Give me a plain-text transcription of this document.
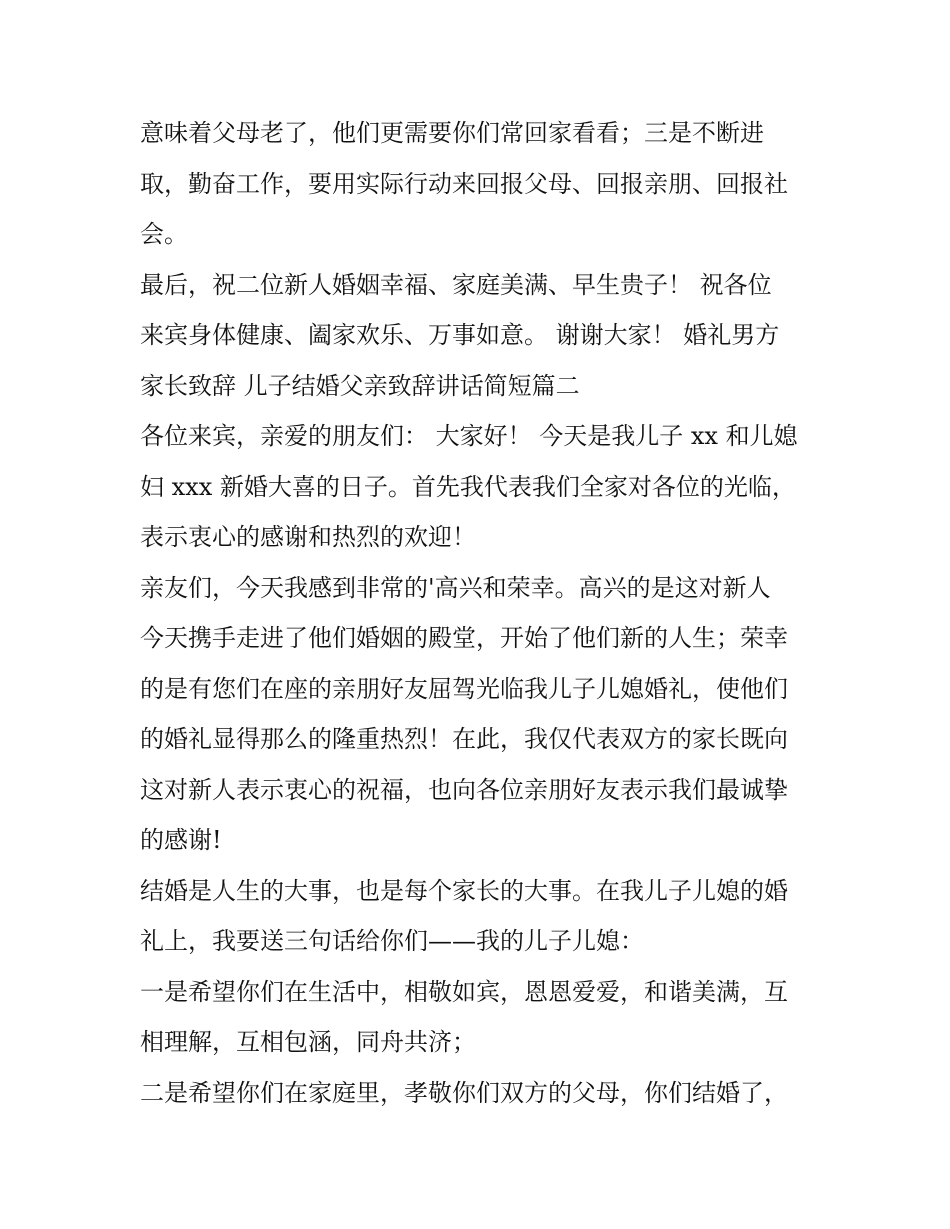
意味着父母老了，他们更需要你们常回家看看；三是不断进
取，勤奋工作，要用实际行动来回报父母、回报亲朋、回报社
会。
最后，祝二位新人婚姻幸福、家庭美满、早生贵子！ 祝各位
来宾身体健康、阖家欢乐、万事如意。 谢谢大家！ 婚礼男方
家长致辞 儿子结婚父亲致辞讲话简短篇二
各位来宾，亲爱的朋友们： 大家好！ 今天是我儿子 xx 和儿媳
妇 xxx 新婚大喜的日子。首先我代表我们全家对各位的光临，
表示衷心的感谢和热烈的欢迎！
亲友们，今天我感到非常的'高兴和荣幸。高兴的是这对新人
今天携手走进了他们婚姻的殿堂，开始了他们新的人生；荣幸
的是有您们在座的亲朋好友屈驾光临我儿子儿媳婚礼，使他们
的婚礼显得那么的隆重热烈！在此，我仅代表双方的家长既向
这对新人表示衷心的祝福，也向各位亲朋好友表示我们最诚挚
的感谢!
结婚是人生的大事，也是每个家长的大事。在我儿子儿媳的婚
礼上，我要送三句话给你们——我的儿子儿媳：
一是希望你们在生活中，相敬如宾，恩恩爱爱，和谐美满，互
相理解，互相包涵，同舟共济；
二是希望你们在家庭里，孝敬你们双方的父母，你们结婚了，
